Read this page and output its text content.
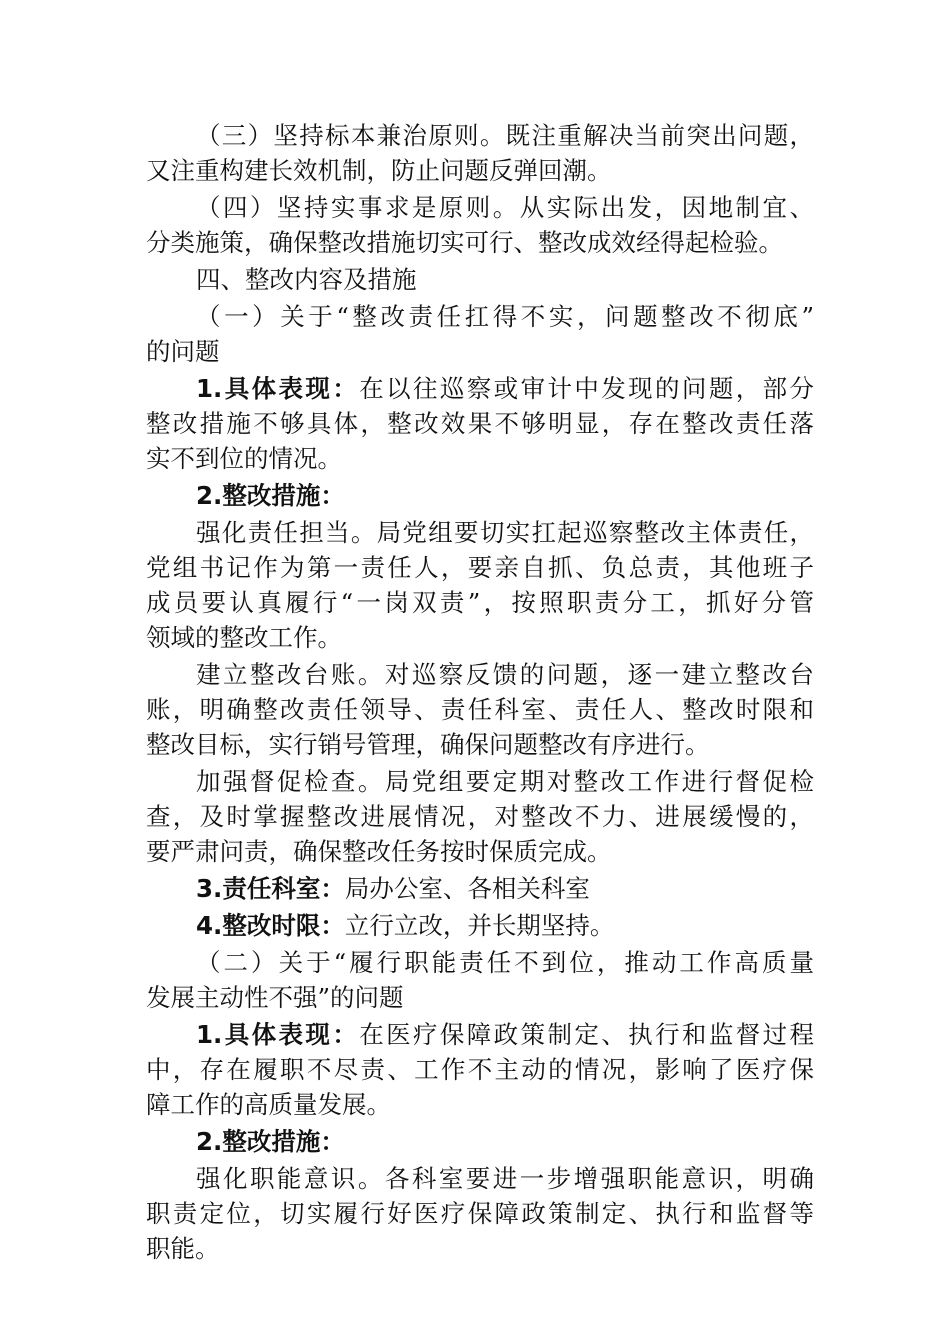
（三）坚持标本兼治原则。既注重解决当前突出问题，
又注重构建长效机制，防止问题反弹回潮。
（四）坚持实事求是原则。从实际出发，因地制宜、
分类施策，确保整改措施切实可行、整改成效经得起检验。
四、整改内容及措施
（一）关于“整改责任扛得不实，问题整改不彻底”
的问题
1.具体表现：在以往巡察或审计中发现的问题，部分
整改措施不够具体，整改效果不够明显，存在整改责任落
实不到位的情况。
2.整改措施：
强化责任担当。局党组要切实扛起巡察整改主体责任，
党组书记作为第一责任人，要亲自抓、负总责，其他班子
成员要认真履行“一岗双责”，按照职责分工，抓好分管
领域的整改工作。
建立整改台账。对巡察反馈的问题，逐一建立整改台
账，明确整改责任领导、责任科室、责任人、整改时限和
整改目标，实行销号管理，确保问题整改有序进行。
加强督促检查。局党组要定期对整改工作进行督促检
查，及时掌握整改进展情况，对整改不力、进展缓慢的，
要严肃问责，确保整改任务按时保质完成。
3.责任科室：局办公室、各相关科室
4.整改时限：立行立改，并长期坚持。
（二）关于“履行职能责任不到位，推动工作高质量
发展主动性不强”的问题
1.具体表现：在医疗保障政策制定、执行和监督过程
中，存在履职不尽责、工作不主动的情况，影响了医疗保
障工作的高质量发展。
2.整改措施：
强化职能意识。各科室要进一步增强职能意识，明确
职责定位，切实履行好医疗保障政策制定、执行和监督等
职能。
